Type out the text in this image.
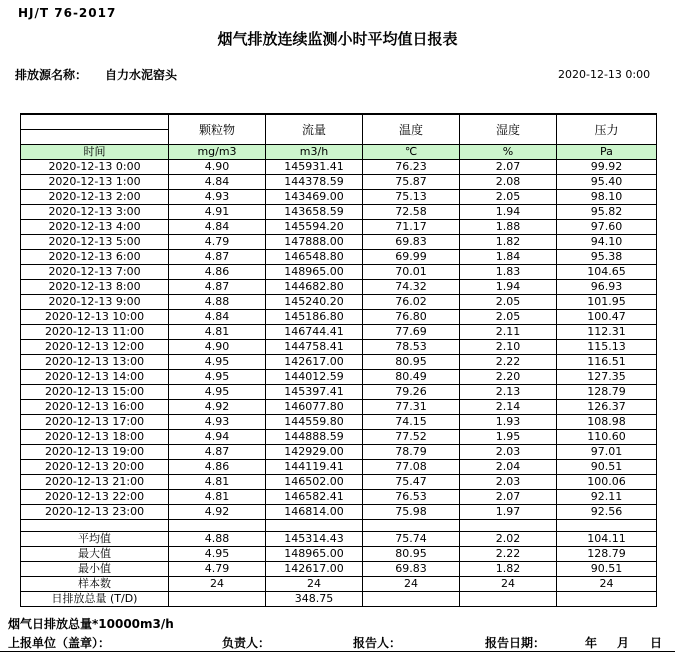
HJ/T 76-2017
烟气排放连续监测小时平均值日报表
排放源名称： 自力水泥窑头	2020-12-13 0:00
	颗粒物	流量	温度	湿度	压力

时间	mg/m3	m3/h	℃	%	Pa
2020-12-13 0:00	4.90	145931.41	76.23	2.07	99.92
2020-12-13 1:00	4.84	144378.59	75.87	2.08	95.40
2020-12-13 2:00	4.93	143469.00	75.13	2.05	98.10
2020-12-13 3:00	4.91	143658.59	72.58	1.94	95.82
2020-12-13 4:00	4.84	145594.20	71.17	1.88	97.60
2020-12-13 5:00	4.79	147888.00	69.83	1.82	94.10
2020-12-13 6:00	4.87	146548.80	69.99	1.84	95.38
2020-12-13 7:00	4.86	148965.00	70.01	1.83	104.65
2020-12-13 8:00	4.87	144682.80	74.32	1.94	96.93
2020-12-13 9:00	4.88	145240.20	76.02	2.05	101.95
2020-12-13 10:00	4.84	145186.80	76.80	2.05	100.47
2020-12-13 11:00	4.81	146744.41	77.69	2.11	112.31
2020-12-13 12:00	4.90	144758.41	78.53	2.10	115.13
2020-12-13 13:00	4.95	142617.00	80.95	2.22	116.51
2020-12-13 14:00	4.95	144012.59	80.49	2.20	127.35
2020-12-13 15:00	4.95	145397.41	79.26	2.13	128.79
2020-12-13 16:00	4.92	146077.80	77.31	2.14	126.37
2020-12-13 17:00	4.93	144559.80	74.15	1.93	108.98
2020-12-13 18:00	4.94	144888.59	77.52	1.95	110.60
2020-12-13 19:00	4.87	142929.00	78.79	2.03	97.01
2020-12-13 20:00	4.86	144119.41	77.08	2.04	90.51
2020-12-13 21:00	4.81	146502.00	75.47	2.03	100.06
2020-12-13 22:00	4.81	146582.41	76.53	2.07	92.11
2020-12-13 23:00	4.92	146814.00	75.98	1.97	92.56

平均值	4.88	145314.43	75.74	2.02	104.11
最大值	4.95	148965.00	80.95	2.22	128.79
最小值	4.79	142617.00	69.83	1.82	90.51
样本数	24	24	24	24	24
日排放总量 (T/D)		348.75			
烟气日排放总量*10000m3/h
上报单位（盖章）：	负责人：	报告人：	报告日期：	年 月 日
